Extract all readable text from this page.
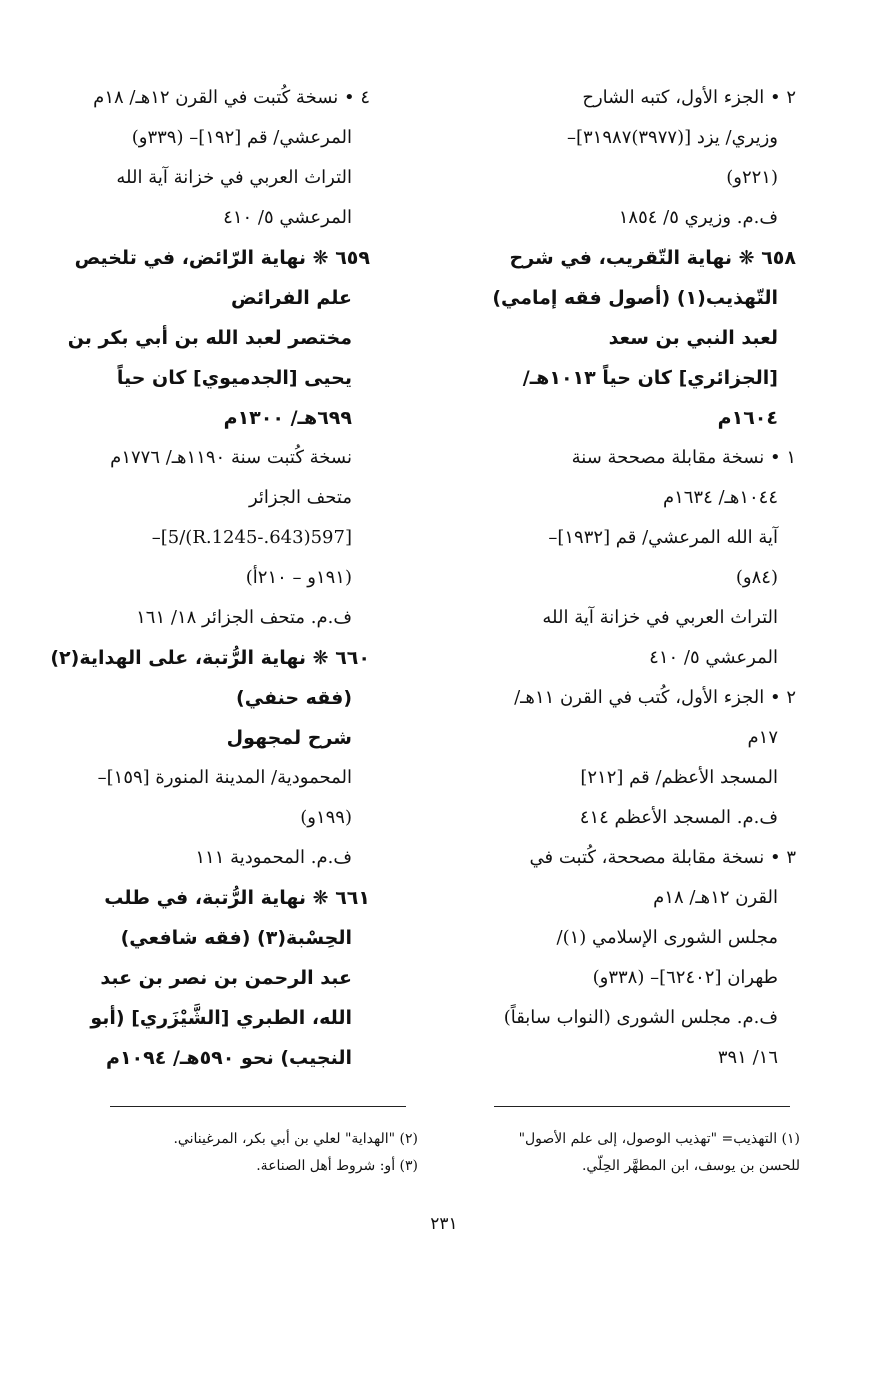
٢ • الجزء الأول، كتبه الشارح
وزيري/ يزد [(٣٩٧٧)٣١٩٨٧]–
(٢٢١و)
ف.م. وزيري ٥/ ١٨٥٤
٦٥٨ ❋ نهاية التّقريب، في شرح
التّهذيب(١) (أصول فقه إمامي)
لعبد النبي بن سعد
[الجزائري] كان حياً ١٠١٣هـ/
١٦٠٤م
١ • نسخة مقابلة مصححة سنة
١٠٤٤هـ/ ١٦٣٤م
آية الله المرعشي/ قم [١٩٣٢]–
(٨٤و)
التراث العربي في خزانة آية الله
المرعشي ٥/ ٤١٠
٢ • الجزء الأول، كُتب في القرن ١١هـ/
١٧م
المسجد الأعظم/ قم [٢١٢]
ف.م. المسجد الأعظم ٤١٤
٣ • نسخة مقابلة مصححة، كُتبت في
القرن ١٢هـ/ ١٨م
مجلس الشورى الإسلامي (١)/
طهران [٦٢٤٠٢]– (٣٣٨و)
ف.م. مجلس الشورى (النواب سابقاً)
١٦/ ٣٩١
٤ • نسخة كُتبت في القرن ١٢هـ/ ١٨م
المرعشي/ قم [١٩٢]– (٣٣٩و)
التراث العربي في خزانة آية الله
المرعشي ٥/ ٤١٠
٦٥٩ ❋ نهاية الرّائض، في تلخيص
علم الفرائض
مختصر لعبد الله بن أبي بكر بن
يحيى [الجدميوي] كان حياً
٦٩٩هـ/ ١٣٠٠م
نسخة كُتبت سنة ١١٩٠هـ/ ١٧٧٦م
متحف الجزائر
[597(643.-R.1245)/5]–
(١٩١و – ٢١٠أ)
ف.م. متحف الجزائر ١٨/ ١٦١
٦٦٠ ❋ نهاية الرُّتبة، على الهداية(٢)
(فقه حنفي)
شرح لمجهول
المحمودية/ المدينة المنورة [١٥٩]–
(١٩٩و)
ف.م. المحمودية ١١١
٦٦١ ❋ نهاية الرُّتبة، في طلب
الحِسْبة(٣) (فقه شافعي)
عبد الرحمن بن نصر بن عبد
الله، الطبري [الشَّيْزَري] (أبو
النجيب) نحو ٥٩٠هـ/ ١٠٩٤م
(١) التهذيب= "تهذيب الوصول، إلى علم الأصول"
للحسن بن يوسف، ابن المطهَّر الحِلّي.
(٢) "الهداية" لعلي بن أبي بكر، المرغيناني.
(٣) أو: شروط أهل الصناعة.
٢٣١
